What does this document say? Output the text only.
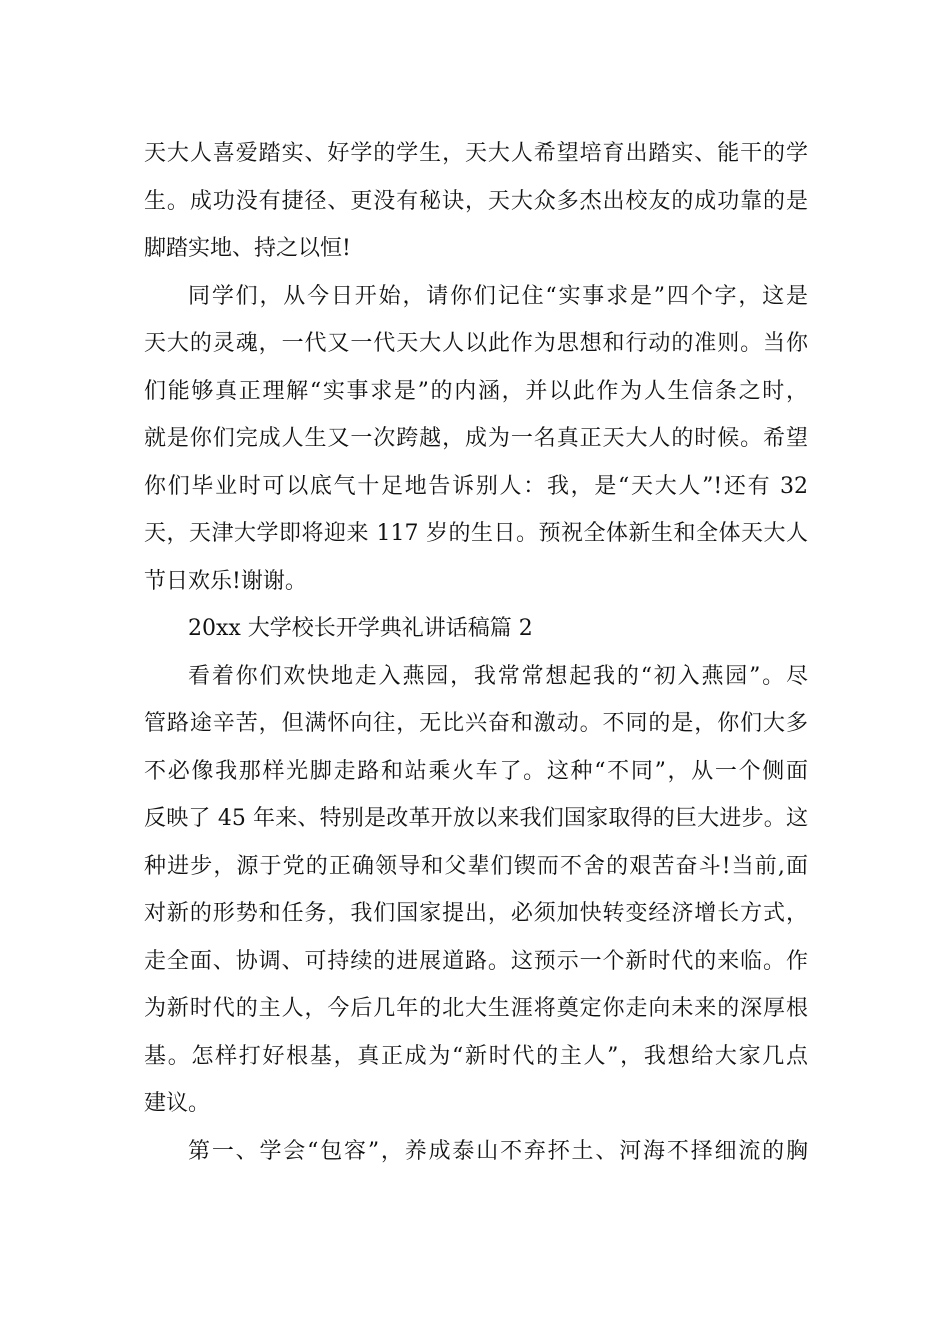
天大人喜爱踏实、好学的学生，天大人希望培育出踏实、能干的学
生。成功没有捷径、更没有秘诀，天大众多杰出校友的成功靠的是
脚踏实地、持之以恒!
同学们，从今日开始，请你们记住“实事求是”四个字，这是
天大的灵魂，一代又一代天大人以此作为思想和行动的准则。当你
们能够真正理解“实事求是”的内涵，并以此作为人生信条之时，
就是你们完成人生又一次跨越，成为一名真正天大人的时候。希望
你们毕业时可以底气十足地告诉别人：我，是“天大人”!还有 32
天，天津大学即将迎来 117 岁的生日。预祝全体新生和全体天大人
节日欢乐!谢谢。
20xx 大学校长开学典礼讲话稿篇 2
看着你们欢快地走入燕园，我常常想起我的“初入燕园”。尽
管路途辛苦，但满怀向往，无比兴奋和激动。不同的是，你们大多
不必像我那样光脚走路和站乘火车了。这种“不同”，从一个侧面
反映了 45 年来、特别是改革开放以来我们国家取得的巨大进步。这
种进步，源于党的正确领导和父辈们锲而不舍的艰苦奋斗!当前,面
对新的形势和任务，我们国家提出，必须加快转变经济增长方式，
走全面、协调、可持续的进展道路。这预示一个新时代的来临。作
为新时代的主人，今后几年的北大生涯将奠定你走向未来的深厚根
基。怎样打好根基，真正成为“新时代的主人”，我想给大家几点
建议。
第一、学会“包容”，养成泰山不弃抔土、河海不择细流的胸
